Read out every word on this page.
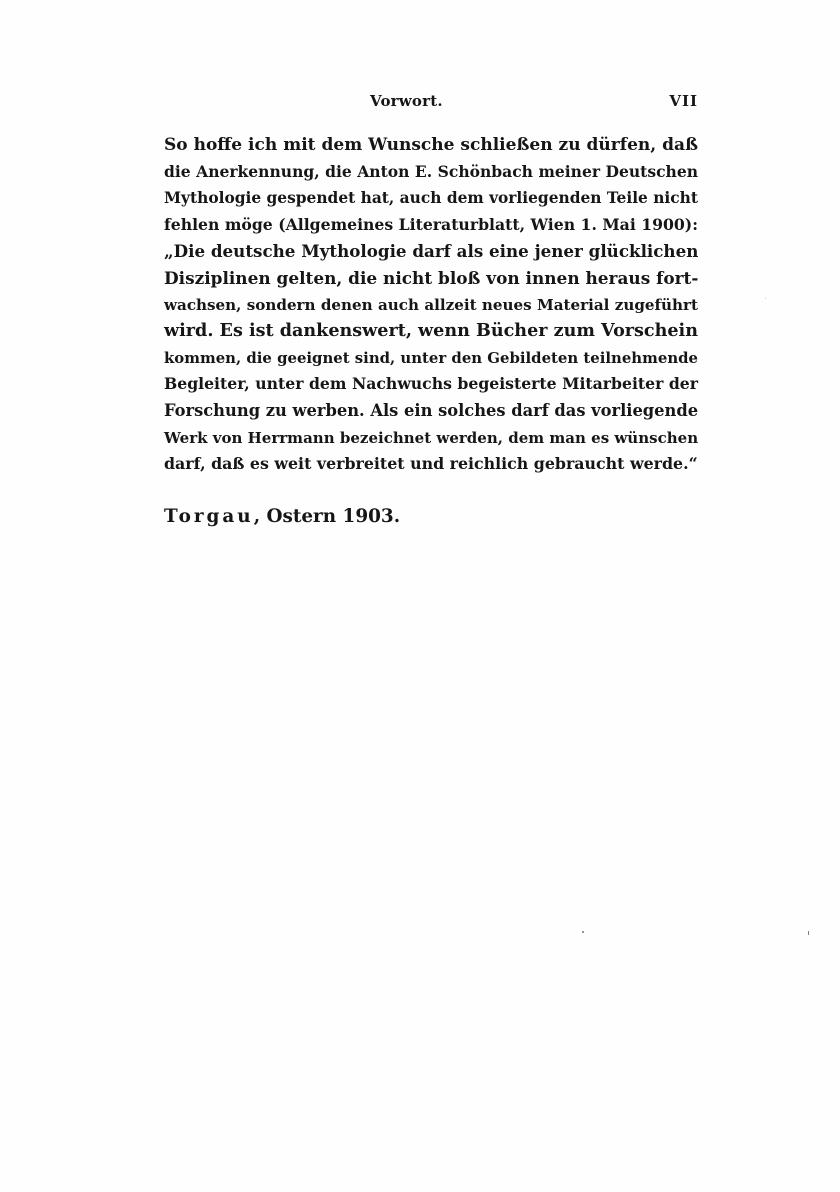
Vorwort.	VII
So hoffe ich mit dem Wunsche schließen zu dürfen, daß
die Anerkennung, die Anton E. Schönbach meiner Deutschen
Mythologie gespendet hat, auch dem vorliegenden Teile nicht
fehlen möge (Allgemeines Literaturblatt, Wien 1. Mai 1900):
„Die deutsche Mythologie darf als eine jener glücklichen
Disziplinen gelten, die nicht bloß von innen heraus fort-
wachsen, sondern denen auch allzeit neues Material zugeführt
wird. Es ist dankenswert, wenn Bücher zum Vorschein
kommen, die geeignet sind, unter den Gebildeten teilnehmende
Begleiter, unter dem Nachwuchs begeisterte Mitarbeiter der
Forschung zu werben. Als ein solches darf das vorliegende
Werk von Herrmann bezeichnet werden, dem man es wünschen
darf, daß es weit verbreitet und reichlich gebraucht werde.“
Torgau, Ostern 1903.
